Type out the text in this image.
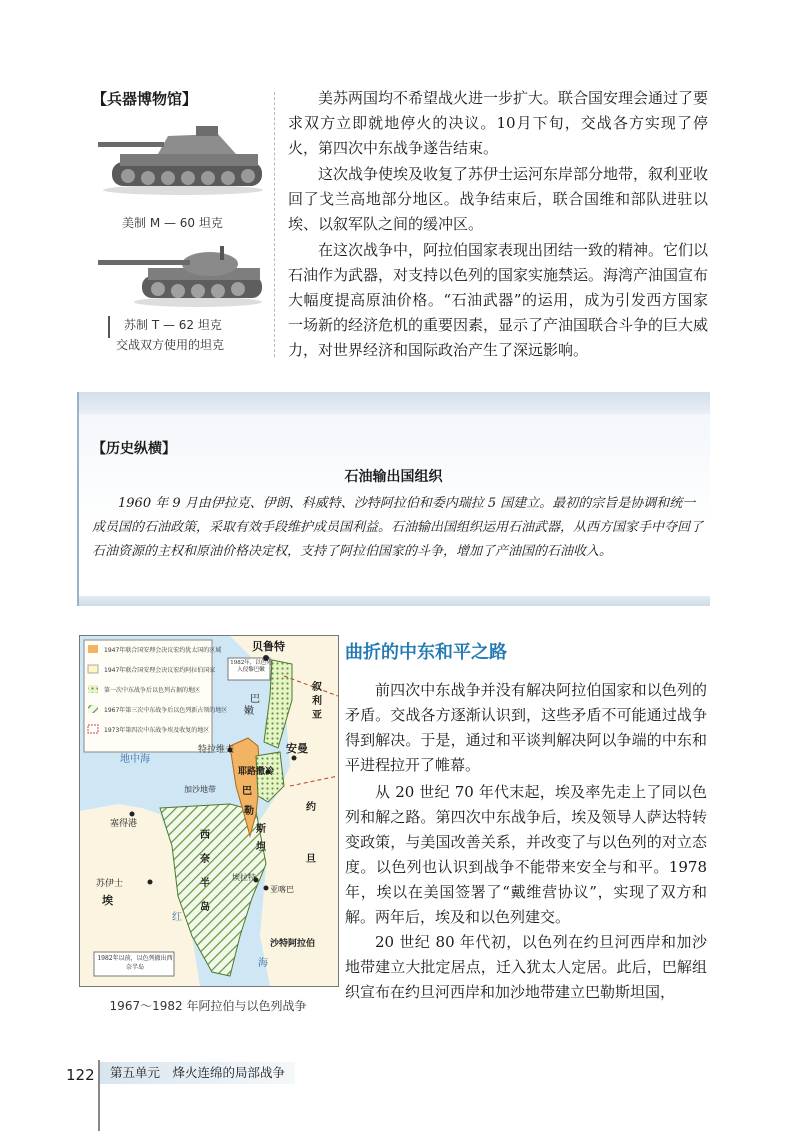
【兵器博物馆】
美制 M — 60 坦克
苏制 T — 62 坦克
交战双方使用的坦克
美苏两国均不希望战火进一步扩大。联合国安理会通过了要求双方立即就地停火的决议。10月下旬，交战各方实现了停火，第四次中东战争遂告结束。
这次战争使埃及收复了苏伊士运河东岸部分地带，叙利亚收回了戈兰高地部分地区。战争结束后，联合国维和部队进驻以埃、以叙军队之间的缓冲区。
在这次战争中，阿拉伯国家表现出团结一致的精神。它们以石油作为武器，对支持以色列的国家实施禁运。海湾产油国宣布大幅度提高原油价格。“石油武器”的运用，成为引发西方国家一场新的经济危机的重要因素，显示了产油国联合斗争的巨大威力，对世界经济和国际政治产生了深远影响。
【历史纵横】
石油输出国组织
1960 年 9 月由伊拉克、伊朗、科威特、沙特阿拉伯和委内瑞拉 5 国建立。最初的宗旨是协调和统一成员国的石油政策，采取有效手段维护成员国利益。石油输出国组织运用石油武器，从西方国家手中夺回了石油资源的主权和原油价格决定权，支持了阿拉伯国家的斗争，增加了产油国的石油收入。
1947年联合国安理会决议宏约犹太国的区域
1947年联合国安理会决议宏约阿拉伯国家
第一次中东战争后以色列占据的地区
1967年第三次中东战争后以色列新占领的地区
1973年第四次中东战争埃及收复的地区
贝鲁特
1982年，以色列入侵黎巴嫩
巴
嫩
叙
利
亚
特拉维夫
耶路撒冷
安曼
地中海
加沙地带
约
旦
巴
勒
斯
坦
塞得港
苏伊士
埃
西
奈
半
岛
埃拉特
亚喀巴
沙特阿拉伯
红
海
1982年以前，以色列撤出西奈半岛
1967～1982 年阿拉伯与以色列战争
曲折的中东和平之路
前四次中东战争并没有解决阿拉伯国家和以色列的矛盾。交战各方逐渐认识到，这些矛盾不可能通过战争得到解决。于是，通过和平谈判解决阿以争端的中东和平进程拉开了帷幕。
从 20 世纪 70 年代末起，埃及率先走上了同以色列和解之路。第四次中东战争后，埃及领导人萨达特转变政策，与美国改善关系，并改变了与以色列的对立态度。以色列也认识到战争不能带来安全与和平。1978 年，埃以在美国签署了“戴维营协议”，实现了双方和解。两年后，埃及和以色列建交。
20 世纪 80 年代初，以色列在约旦河西岸和加沙地带建立大批定居点，迁入犹太人定居。此后，巴解组织宣布在约旦河西岸和加沙地带建立巴勒斯坦国，
122	第五单元　烽火连绵的局部战争
